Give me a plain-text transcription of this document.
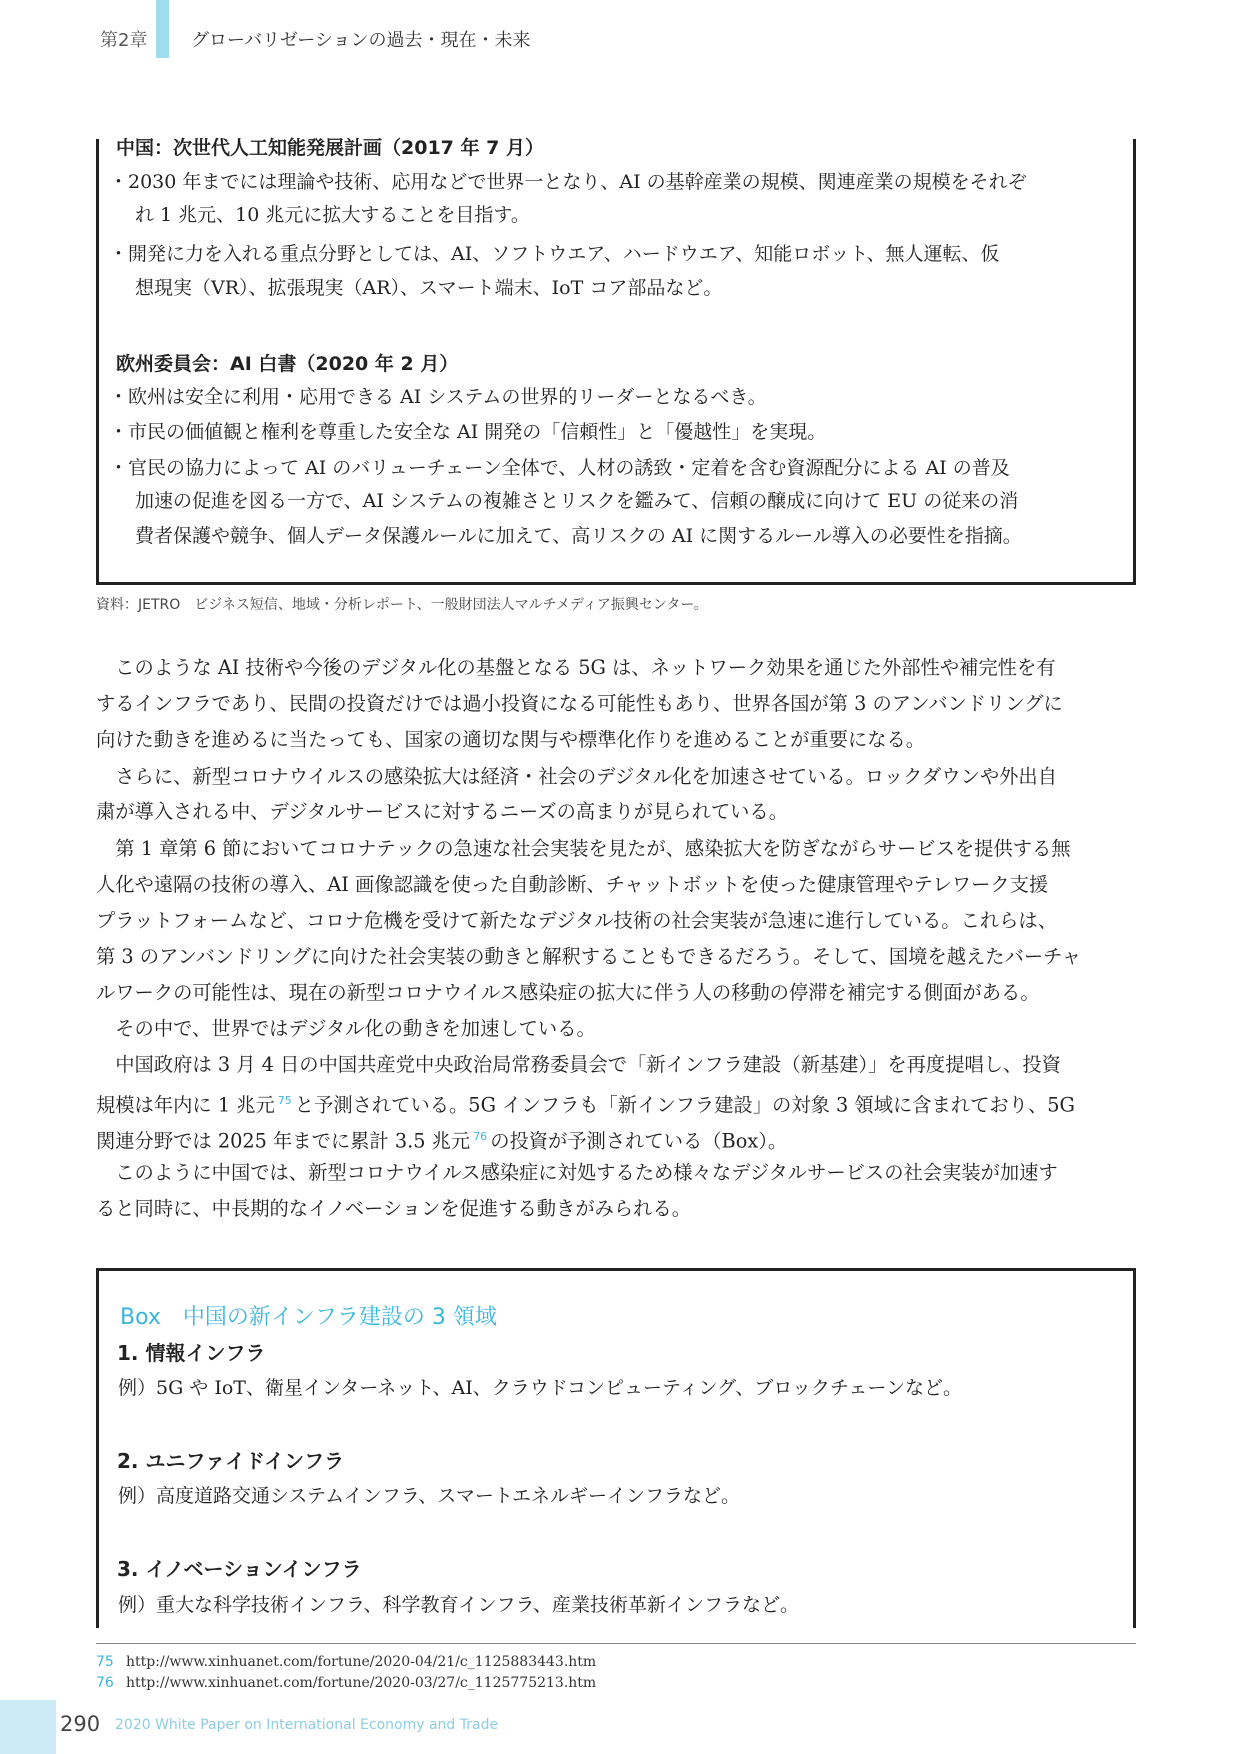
第2章 グローバリゼーションの過去・現在・未来
中国：次世代人工知能発展計画（2017 年 7 月）
・2030 年までには理論や技術、応用などで世界一となり、AI の基幹産業の規模、関連産業の規模をそれぞ
れ 1 兆元、10 兆元に拡大することを目指す。
・開発に力を入れる重点分野としては、AI、ソフトウエア、ハードウエア、知能ロボット、無人運転、仮
想現実（VR）、拡張現実（AR）、スマート端末、IoT コア部品など。
欧州委員会：AI 白書（2020 年 2 月）
・欧州は安全に利用・応用できる AI システムの世界的リーダーとなるべき。
・市民の価値観と権利を尊重した安全な AI 開発の「信頼性」と「優越性」を実現。
・官民の協力によって AI のバリューチェーン全体で、人材の誘致・定着を含む資源配分による AI の普及
加速の促進を図る一方で、AI システムの複雑さとリスクを鑑みて、信頼の醸成に向けて EU の従来の消
費者保護や競争、個人データ保護ルールに加えて、高リスクの AI に関するルール導入の必要性を指摘。
資料：JETRO　ビジネス短信、地域・分析レポート、一般財団法人マルチメディア振興センター。
　このような AI 技術や今後のデジタル化の基盤となる 5G は、ネットワーク効果を通じた外部性や補完性を有
するインフラであり、民間の投資だけでは過小投資になる可能性もあり、世界各国が第 3 のアンバンドリングに
向けた動きを進めるに当たっても、国家の適切な関与や標準化作りを進めることが重要になる。
　さらに、新型コロナウイルスの感染拡大は経済・社会のデジタル化を加速させている。ロックダウンや外出自
粛が導入される中、デジタルサービスに対するニーズの高まりが見られている。
　第 1 章第 6 節においてコロナテックの急速な社会実装を見たが、感染拡大を防ぎながらサービスを提供する無
人化や遠隔の技術の導入、AI 画像認識を使った自動診断、チャットボットを使った健康管理やテレワーク支援
プラットフォームなど、コロナ危機を受けて新たなデジタル技術の社会実装が急速に進行している。これらは、
第 3 のアンバンドリングに向けた社会実装の動きと解釈することもできるだろう。そして、国境を越えたバーチャ
ルワークの可能性は、現在の新型コロナウイルス感染症の拡大に伴う人の移動の停滞を補完する側面がある。
　その中で、世界ではデジタル化の動きを加速している。
　中国政府は 3 月 4 日の中国共産党中央政治局常務委員会で「新インフラ建設（新基建）」を再度提唱し、投資
規模は年内に 1 兆元 $^{75}$ と予測されている。5G インフラも「新インフラ建設」の対象 3 領域に含まれており、5G
関連分野では 2025 年までに累計 3.5 兆元 $^{76}$ の投資が予測されている（Box）。
　このように中国では、新型コロナウイルス感染症に対処するため様々なデジタルサービスの社会実装が加速す
ると同時に、中長期的なイノベーションを促進する動きがみられる。
Box　中国の新インフラ建設の 3 領域
1. 情報インフラ
例）5G や IoT、衛星インターネット、AI、クラウドコンピューティング、ブロックチェーンなど。
2. ユニファイドインフラ
例）高度道路交通システムインフラ、スマートエネルギーインフラなど。
3. イノベーションインフラ
例）重大な科学技術インフラ、科学教育インフラ、産業技術革新インフラなど。
75 http://www.xinhuanet.com/fortune/2020-04/21/c_1125883443.htm
76 http://www.xinhuanet.com/fortune/2020-03/27/c_1125775213.htm
290 2020 White Paper on International Economy and Trade
